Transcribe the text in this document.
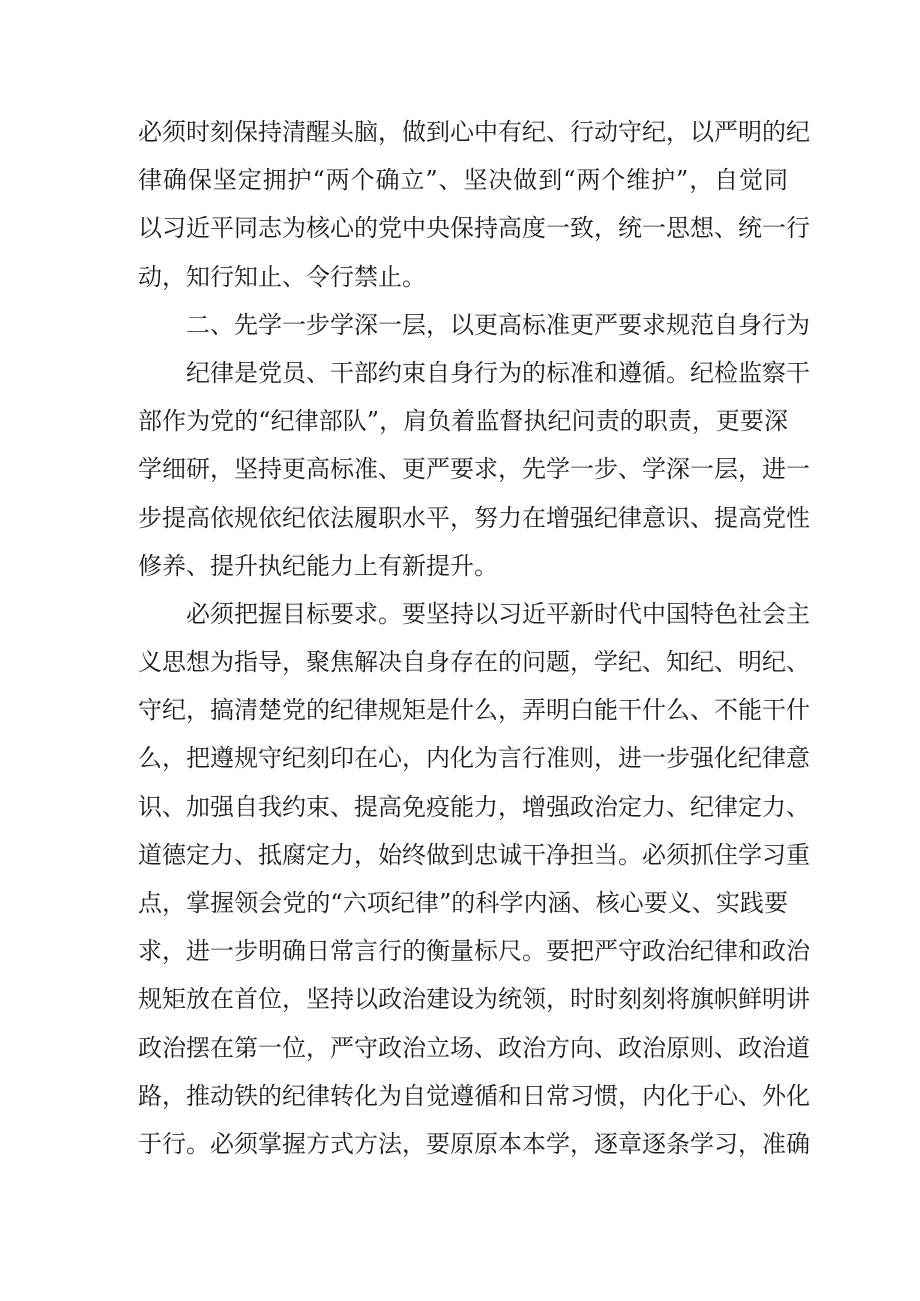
必须时刻保持清醒头脑，做到心中有纪、行动守纪，以严明的纪
律确保坚定拥护“两个确立”、坚决做到“两个维护”，自觉同
以习近平同志为核心的党中央保持高度一致，统一思想、统一行
动，知行知止、令行禁止。
二、先学一步学深一层，以更高标准更严要求规范自身行为
纪律是党员、干部约束自身行为的标准和遵循。纪检监察干
部作为党的“纪律部队”，肩负着监督执纪问责的职责，更要深
学细研，坚持更高标准、更严要求，先学一步、学深一层，进一
步提高依规依纪依法履职水平，努力在增强纪律意识、提高党性
修养、提升执纪能力上有新提升。
必须把握目标要求。要坚持以习近平新时代中国特色社会主
义思想为指导，聚焦解决自身存在的问题，学纪、知纪、明纪、
守纪，搞清楚党的纪律规矩是什么，弄明白能干什么、不能干什
么，把遵规守纪刻印在心，内化为言行准则，进一步强化纪律意
识、加强自我约束、提高免疫能力，增强政治定力、纪律定力、
道德定力、抵腐定力，始终做到忠诚干净担当。必须抓住学习重
点，掌握领会党的“六项纪律”的科学内涵、核心要义、实践要
求，进一步明确日常言行的衡量标尺。要把严守政治纪律和政治
规矩放在首位，坚持以政治建设为统领，时时刻刻将旗帜鲜明讲
政治摆在第一位，严守政治立场、政治方向、政治原则、政治道
路，推动铁的纪律转化为自觉遵循和日常习惯，内化于心、外化
于行。必须掌握方式方法，要原原本本学，逐章逐条学习，准确
